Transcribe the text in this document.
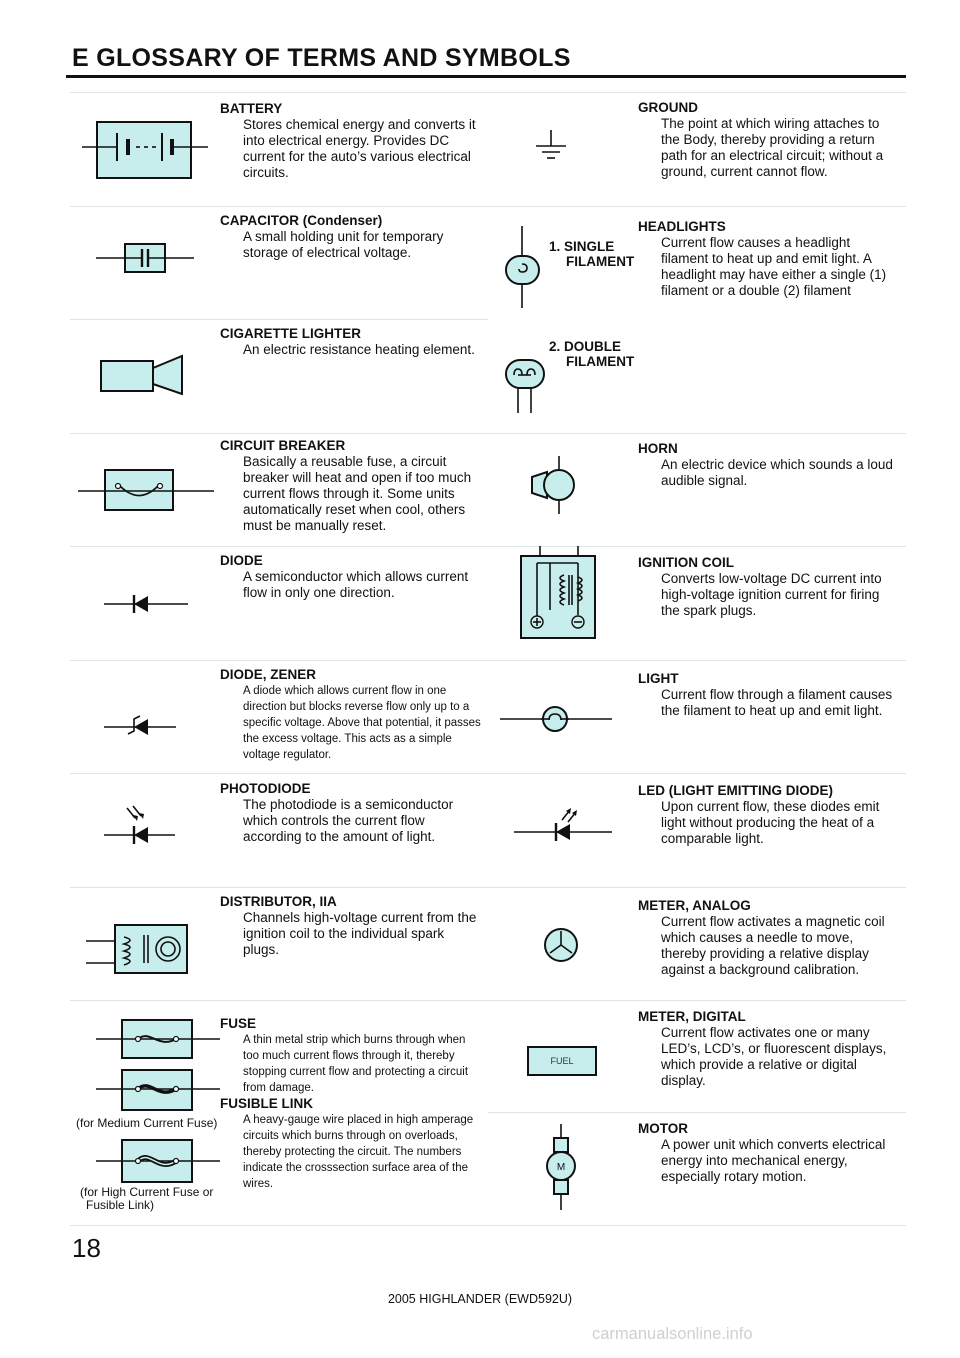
E GLOSSARY OF TERMS AND SYMBOLS
BATTERY
Stores chemical energy and converts it into electrical energy. Provides DC current for the auto’s various electrical circuits.
CAPACITOR (Condenser)
A small holding unit for temporary storage of electrical voltage.
CIGARETTE LIGHTER
An electric resistance heating element.
CIRCUIT BREAKER
Basically a reusable fuse, a circuit breaker will heat and open if too much current flows through it. Some units automatically reset when cool, others must be manually reset.
DIODE
A semiconductor which allows current flow in only one direction.
DIODE, ZENER
A diode which allows current flow in one direction but blocks reverse flow only up to a specific voltage. Above that potential, it passes the excess voltage. This acts as a simple voltage regulator.
PHOTODIODE
The photodiode is a semiconductor which controls the current flow according to the amount of light.
DISTRIBUTOR, IIA
Channels high-voltage current from the ignition coil to the individual spark plugs.
FUSE
A thin metal strip which burns through when too much current flows through it, thereby stopping current flow and protecting a circuit from damage.
FUSIBLE LINK
A heavy-gauge wire placed in high amperage circuits which burns through on overloads, thereby protecting the circuit. The numbers indicate the crosssection surface area of the wires.
GROUND
The point at which wiring attaches to the Body, thereby providing a return path for an electrical circuit; without a ground, current cannot flow.
HEADLIGHTS
Current flow causes a headlight filament to heat up and emit light. A headlight may have either a single (1) filament or a double (2) filament
HORN
An electric device which sounds a loud audible signal.
IGNITION COIL
Converts low-voltage DC current into high-voltage ignition current for firing the spark plugs.
LIGHT
Current flow through a filament causes the filament to heat up and emit light.
LED (LIGHT EMITTING DIODE)
Upon current flow, these diodes emit light without producing the heat of a comparable light.
METER, ANALOG
Current flow activates a magnetic coil which causes a needle to move, thereby providing a relative display against a background calibration.
METER, DIGITAL
Current flow activates one or many LED’s, LCD’s, or fluorescent displays, which provide a relative or digital display.
MOTOR
A power unit which converts electrical energy into mechanical energy, especially rotary motion.
1. SINGLE
FILAMENT
2. DOUBLE
FILAMENT
(for Medium Current Fuse)
(for High Current Fuse or
Fusible Link)
FUEL
M
18
2005 HIGHLANDER (EWD592U)
carmanualsonline.info
